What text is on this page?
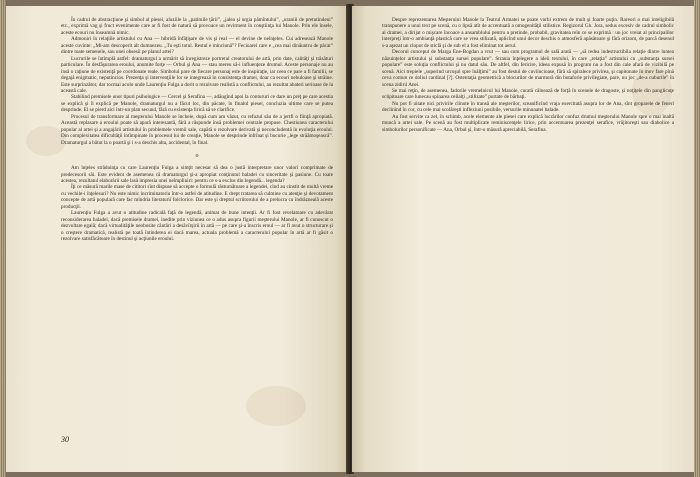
În cadrul de abstracţiune şi simbol al piesei, aluziile la „patimile ţării”, „jalea şi urgia pămîntului”, „uraniii de pretutindeni” etc., exprimă vag şi fruct evenimente care ar fi fost de natură să provoace un revirment în conştiinţa lui Manole. Prin ele însele, aceste ecouri nu înseamnă nimic.

Admoniri în relaţiile artistului cu Ana — hibridă înfăţişare de vis şi real — el devine de neînţeles. Cui adresează Manole aceste cuvinte: „Mi-am descoperit alt dumnezeu. „Tu eşti totul. Restul e minciună”? Fecioarei care e „cea mai dinăuntru de păcat” dintre toate semenele, sau unei obsesii pe planul artei?

Lucrurile se întîmplă astfel: dramaturgul a urmărit să înregistreze portretul creatorului de artă, prin date, calităţi şi trăsături particulare. În desfăşurarea eroului, anumite forţe — Orbul şi Ana — stau mereu să-i influenţeze drumul. Aceste personaje nu au însă o raţiune de existenţă pe coordonate reale. Simbolul pare de fiecare personaj este de inspiraţie, iar ceea ce pare a fi familii, se degajă enigmatic, neputincios. Prezenţa şi intervenţiile lor se integrează în consistenţa dramei, doar ca ecouri nebuloase şi străine. Este surprinzător, dar tocmai acolo unde Laurenţiu Fulga a dorit o rezolvare realistă a conflictului, au rezultat abateri serioase de la această cale.

Stabilind premisele unor tipuri psihologice — Cercel şi Serafina —, adăugînd apoi la contururi ce dare un preţ pe care acestia se explică şi îl explică pe Manole, dramaturgul nu a făcut loc, din păcate, în finalul piesei, concluzia ultime care se putea desprinde. El se pierd aici într-un plan secund, fără cu existenţa lirică să se clarifice.

Procesul de transformare al meşterului Manole se încheie, după cum am văzut, cu refuzul său de a jertfi o fiinţă apropiată. Această replasare a eroului poate să apară interesantă, fără a răspunde însă problemei centrale propuse. Chestiunea caracterului popular al artei şi a angajării artistului în problemele vremii sale, capătă o rezolvare derivată şi neconcludentă în evoluţia eroului. Din complexitatea dificultăţii întîmpinate în procesul lui de creaţie, Manole se desprinde înfrînat şi bucurie „lege străămoşească”. Dramaturgul a bătut la o poartă şi i s-a deschis alta, accidental, în final.

o

Am înţeles străduinţa cu care Laurenţiu Fulga a simţit necesar să dea o justă interpretare unor valori comprimate de predecesorii săi. Este evident de asemenea că dramaturgul şi-a apropiat conţinutul baladei cu sinceritate şi pasiune. Cu toate acestea, rezultatul elaborării sale lasă impresia unei neîmpliniri: pentru ce s-a exclus din legendă... legenda?

Îţi ce măsură marile mase de cititori sînt dispuse să accepte o formulă răsturnătoare a legendei, cînd au cinstit de multă vreme cu vechile-i înţelesuri? Nu este nimic incriminatoriu într-o astfel de atitudine. E drept tratarea să culmine cu atenţie şi devotament concepte de artă populară care fac mîndria literaturii folclorice. Dar este şi dreptul scriitorului de a prelucra cu îndrăzneală aceste producţii.

Laurenţiu Fulga a avut o atitudine radicală faţă de legendă, animat de bune intenţii. Ar fi fost revelatoare cu adevărat reconsiderarea baladei, dacă premisele dramei, inedite prin viziunea ce o adus asupra figurii meşterului Manole, ar fi cunoscut o dezvoltare egală; dacă virtualităţile neobosite căutări a desăvîrşirii în artă — pe care şi-a înscris eroul — ar fi avut o structurare şi o creştere dramatică, realistă pe toată întinderea ei dacă marea, actuala problemă a caracterului popular în artă ar fi găsit o rezolvare satisfăcătoare în destinul şi acţiunile eroului.

30

Despre reprezentarea Meşterului Manole la Teatrul Armatei se poate vorbi extrem de mult şi foarte puţin. Rareori o mai inteligibilă transpunere a unui text pe scenă, cu o lipsă atît de accentuată a omogenităţii stilistice. Regizorul Gh. Jora, sedus excesiv de cadrul simbolic al dramei, a dirijat o mişcare încoace a ansamblului pentru a pretinde, probabil, gravitatea reîn ce se exprimă : un joc vreiat al principalilor interpreţi într-o ambianţă plastică care se vrea stilizată, aplicînd unui decor deschis o atmosferă apăsătoare şi fără orizont, de parcă desenul s-a aşezat un clopot de sticlă şi de sub el a fost eliminat tot aerul.

Decorul conceput de Marga Ene-Bogdan a vrut — sau cum programul de sală arată — „să redea indestructibila relaţie dintre lumea năzuinţelor artistului şi substanţa sursei populare”. Strania înţelegere a ideii textului, în care „relaţia” artistului cu „substanţa sursei populare” este soluţia conflictului şi nu datul său. De altfel, din fericire, ideea expusă în program nu a fost din cale afară de vizibilă pe scenă. Aici trepiele „superind urcuşul spre înălţimi” au fost destul de cuviincioase, fără să spiralece privirea, şi capitonate în mov fare pînă ceva comun ce doliul cardinal [?]. Ostentaţia geometrică a blocurilor de marmoră din butaforie privilegiate, pare, nu joc „de-a cuburile” în scena zidirii Anei.

Se mai reţin, de asemenea, fadorile vremelnicul lui Manole, curată căinează de forţă în scenele de dragoste, şi noţiţele din panglicuţe sclipitoare care lunecau spinarea ceilalţi „stilizate” purtate de bărbaţi.

Nu pot fi uitate nici privirile clinute în transă ale meşterilor, sceanificînd vraja exercitată asupra lor de Ana, sînt groparele de feneri declinînd în cor, cu cele mai scolăreşti inflexiuni posibile, versurile minunatei balade.

Au fost servite ca zel, în schimb, acele elemente ale piesei care explică lucrărilor confuz drumul meşterului Manole spre o mai înaltă muncă a artei sale. Pe scenă au fost multiplicate reminiscenţele lirice, prin accentuarea prezenţei serafice, vrăjitoreşti sau diabolice a simbolurilor personificate — Ana, Orbul şi, într-o măsură apreciabilă, Serafina.
